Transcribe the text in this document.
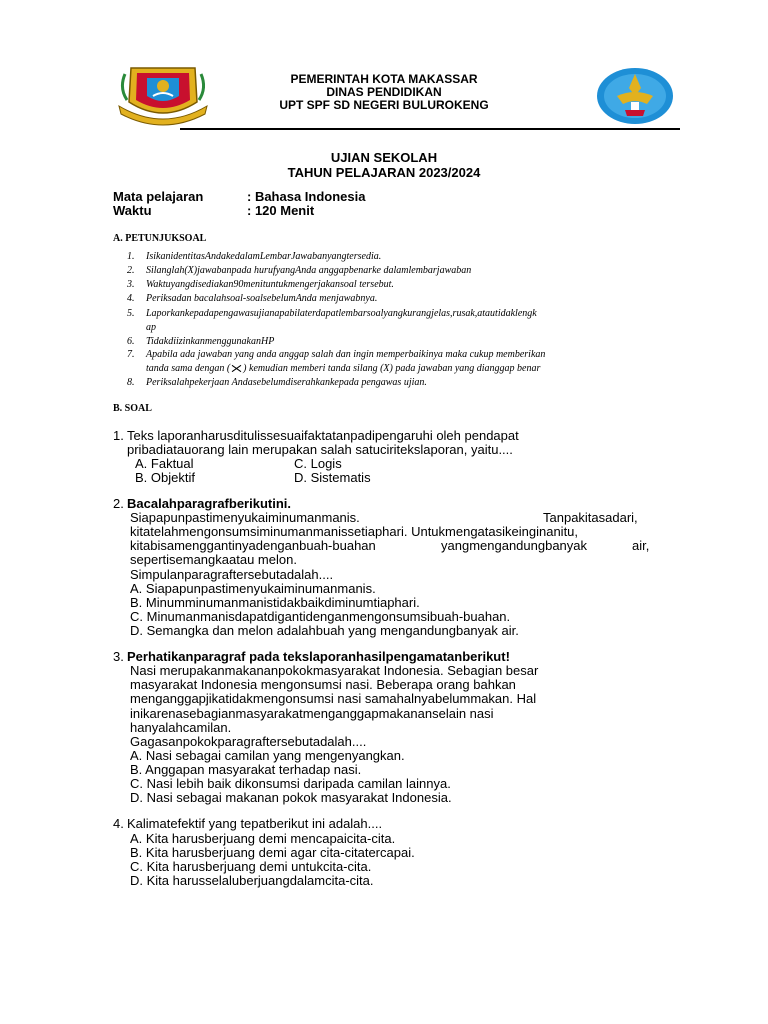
PEMERINTAH KOTA MAKASSAR
DINAS PENDIDIKAN
UPT SPF SD NEGERI BULUROKENG
UJIAN SEKOLAH
TAHUN PELAJARAN 2023/2024
Mata pelajaran	: Bahasa Indonesia
Waktu	: 120 Menit
A. PETUNJUKSOAL
1. IsikanidentitasAndakedalamLembarJawabanyangtersedia.
2. Silanglah(X)jawabanpada hurufyangAnda anggapbenarke dalamlembarjawaban
3. Waktuyangdisediakan90menituntukmengerjakansoal tersebut.
4. Periksadan bacalahsoal-soalsebelumAnda menjawabnya.
5. Laporkankepadapengawasujianapabilaterdapatlembarsoalyangkurangjelas,rusak,atautidaklengk
ap
6. TidakdiizinkanmenggunakanHP
7. Apabila ada jawaban yang anda anggap salah dan ingin memperbaikinya maka cukup memberikan
tanda sama dengan ( ) kemudian memberi tanda silang (X) pada jawaban yang dianggap benar
8. Periksalahpekerjaan Andasebelumdiserahkankepada pengawas ujian.
B. SOAL
1. Teks laporanharusditulissesuaifaktatanpadipengaruhi oleh pendapat
pribadiatauorang lain merupakan salah satuciritekslaporan, yaitu....
A. Faktual	C. Logis
B. Objektif	D. Sistematis
2. Bacalahparagrafberikutini.
Siapapunpastimenyukaiminumanmanis.	Tanpakitasadari,
kitatelahmengonsumsiminumanmanissetiaphari. Untukmengatasikeinginanitu,
kitabisamenggantinyadenganbuah-buahan	yangmengandungbanyak	air,
sepertisemangkaatau melon.
Simpulanparagraftersebutadalah....
A. Siapapunpastimenyukaiminumanmanis.
B. Minumminumanmanistidakbaikdiminumtiaphari.
C. Minumanmanisdapatdigantidenganmengonsumsibuah-buahan.
D. Semangka dan melon adalahbuah yang mengandungbanyak air.
3. Perhatikanparagraf pada tekslaporanhasilpengamatanberikut!
Nasi merupakanmakananpokokmasyarakat Indonesia. Sebagian besar
masyarakat Indonesia mengonsumsi nasi. Beberapa orang bahkan
menganggapjikatidakmengonsumsi nasi samahalnyabelummakan. Hal
inikarenasebagianmasyarakatmenganggapmakananselain nasi
hanyalahcamilan.
Gagasanpokokparagraftersebutadalah....
A. Nasi sebagai camilan yang mengenyangkan.
B. Anggapan masyarakat terhadap nasi.
C. Nasi lebih baik dikonsumsi daripada camilan lainnya.
D. Nasi sebagai makanan pokok masyarakat Indonesia.
4. Kalimatefektif yang tepatberikut ini adalah....
A. Kita harusberjuang demi mencapaicita-cita.
B. Kita harusberjuang demi agar cita-citatercapai.
C. Kita harusberjuang demi untukcita-cita.
D. Kita harusselaluberjuangdalamcita-cita.
